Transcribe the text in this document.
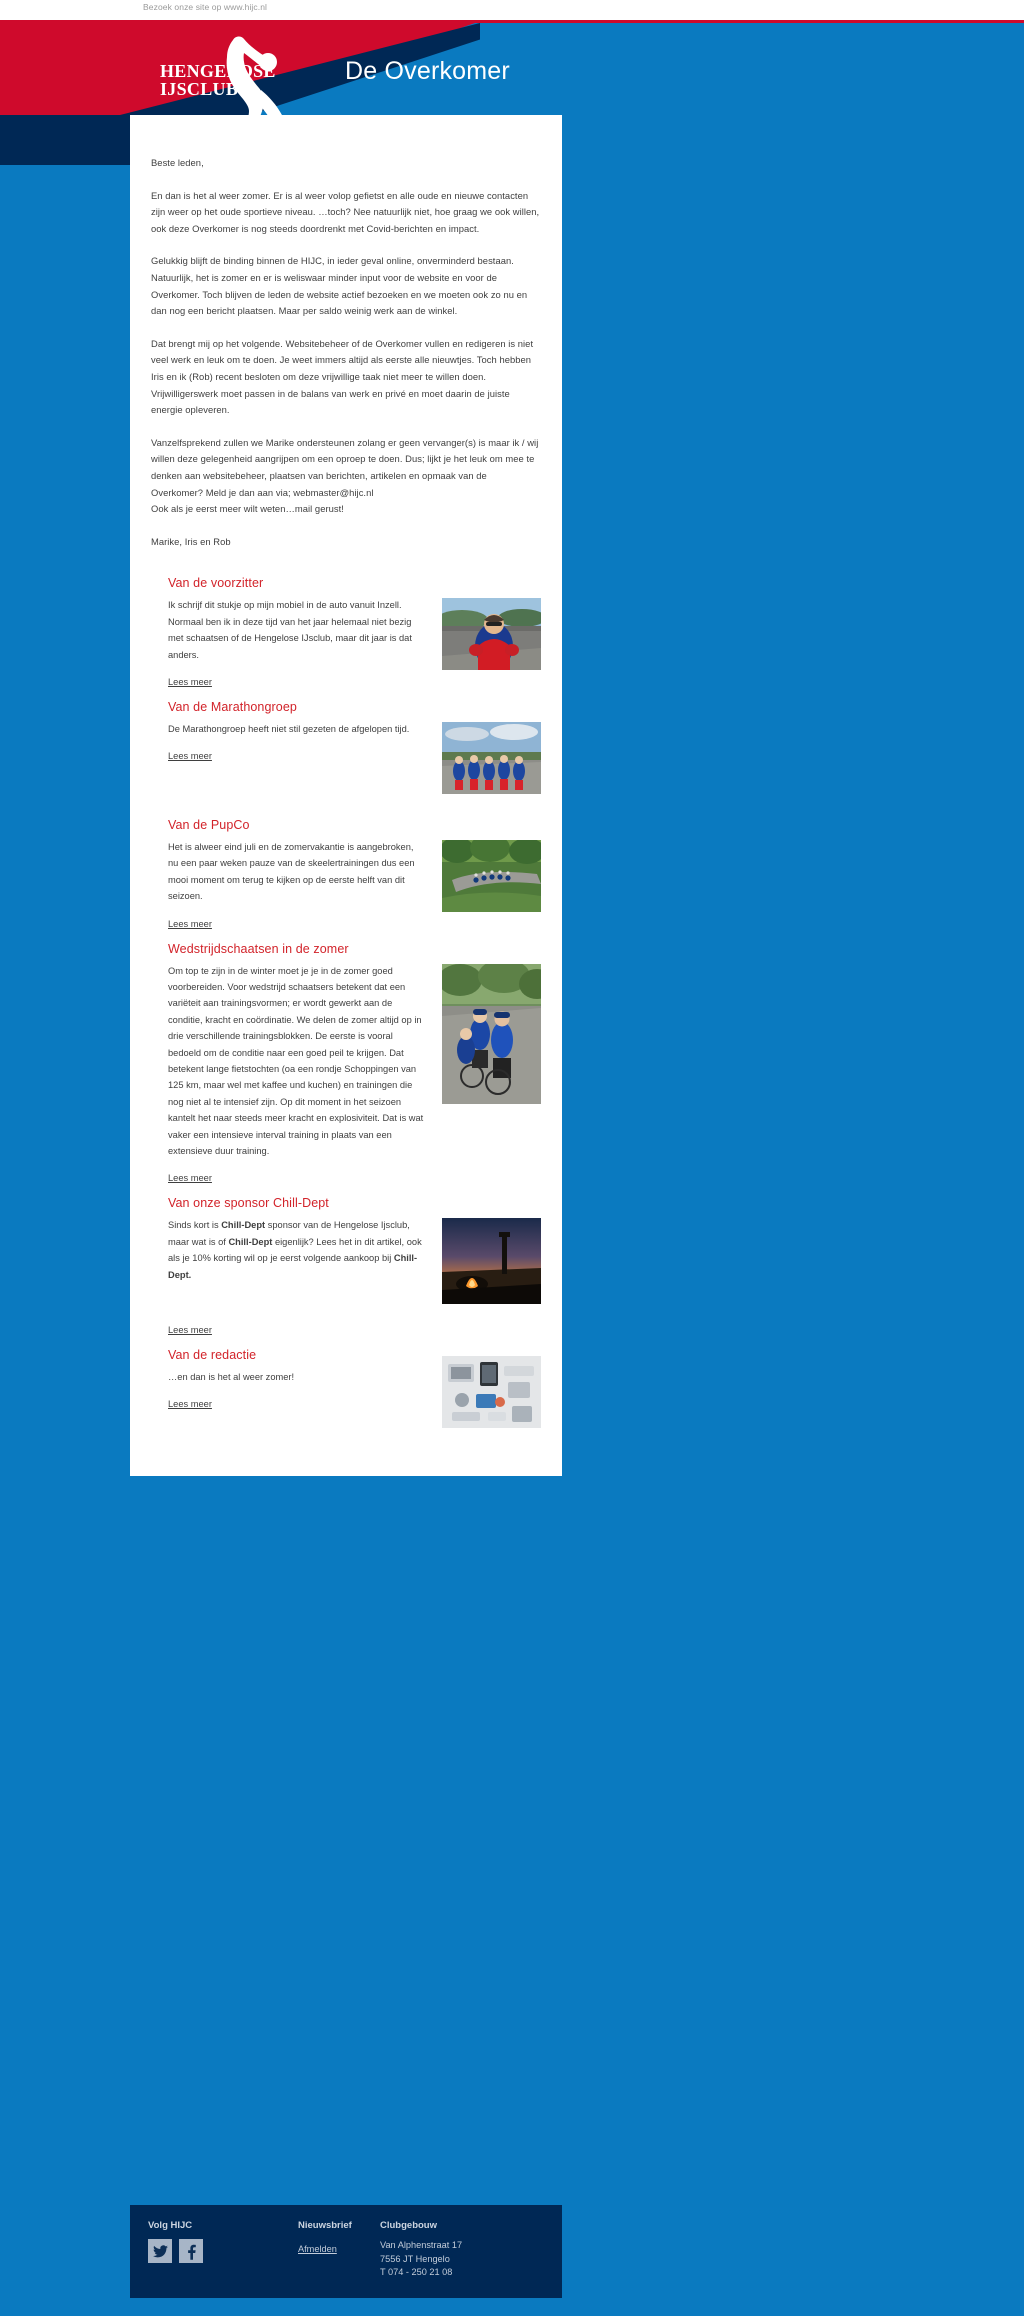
Bezoek onze site op www.hijc.nl
De Overkomer
HENGELOSE
IJSCLUB

Beste leden,

En dan is het al weer zomer. Er is al weer volop gefietst en alle oude en nieuwe contacten zijn weer op het oude sportieve niveau. …toch? Nee natuurlijk niet, hoe graag we ook willen, ook deze Overkomer is nog steeds doordrenkt met Covid-berichten en impact.

Gelukkig blijft de binding binnen de HIJC, in ieder geval online, onverminderd bestaan. Natuurlijk, het is zomer en er is weliswaar minder input voor de website en voor de Overkomer. Toch blijven de leden de website actief bezoeken en we moeten ook zo nu en dan nog een bericht plaatsen. Maar per saldo weinig werk aan de winkel.

Dat brengt mij op het volgende. Websitebeheer of de Overkomer vullen en redigeren is niet veel werk en leuk om te doen. Je weet immers altijd als eerste alle nieuwtjes. Toch hebben Iris en ik (Rob) recent besloten om deze vrijwillige taak niet meer te willen doen. Vrijwilligerswerk moet passen in de balans van werk en privé en moet daarin de juiste energie opleveren.

Vanzelfsprekend zullen we Marike ondersteunen zolang er geen vervanger(s) is maar ik / wij willen deze gelegenheid aangrijpen om een oproep te doen. Dus; lijkt je het leuk om mee te denken aan websitebeheer, plaatsen van berichten, artikelen en opmaak van de Overkomer? Meld je dan aan via; webmaster@hijc.nl

Ook als je eerst meer wilt weten…mail gerust!

Marike, Iris en Rob

Van de voorzitter

Ik schrijf dit stukje op mijn mobiel in de auto vanuit Inzell. Normaal ben ik in deze tijd van het jaar helemaal niet bezig met schaatsen of de Hengelose IJsclub, maar dit jaar is dat anders.

Lees meer
Van de Marathongroep

De Marathongroep heeft niet stil gezeten de afgelopen tijd.

Lees meer
Van de PupCo

Het is alweer eind juli en de zomervakantie is aangebroken, nu een paar weken pauze van de skeelertrainingen dus een mooi moment om terug te kijken op de eerste helft van dit seizoen.

Lees meer
Wedstrijdschaatsen in de zomer

Om top te zijn in de winter moet je je in de zomer goed voorbereiden. Voor wedstrijd schaatsers betekent dat een variëteit aan trainingsvormen; er wordt gewerkt aan de conditie, kracht en coördinatie. We delen de zomer altijd op in drie verschillende trainingsblokken. De eerste is vooral bedoeld om de conditie naar een goed peil te krijgen. Dat betekent lange fietstochten (oa een rondje Schoppingen van 125 km, maar wel met kaffee und kuchen) en trainingen die nog niet al te intensief zijn. Op dit moment in het seizoen kantelt het naar steeds meer kracht en explosiviteit. Dat is wat vaker een intensieve interval training in plaats van een extensieve duur training.

Lees meer
Van onze sponsor Chill-Dept

Sinds kort is Chill-Dept sponsor van de Hengelose Ijsclub, maar wat is of Chill-Dept eigenlijk? Lees het in dit artikel, ook als je 10% korting wil op je eerst volgende aankoop bij Chill-Dept.

Lees meer
Van de redactie

…en dan is het al weer zomer!

Lees meer
Volg HIJC	Nieuwsbrief
Afmelden
Clubgebouw
Van Alphenstraat 17
7556 JT Hengelo
T 074 - 250 21 08
